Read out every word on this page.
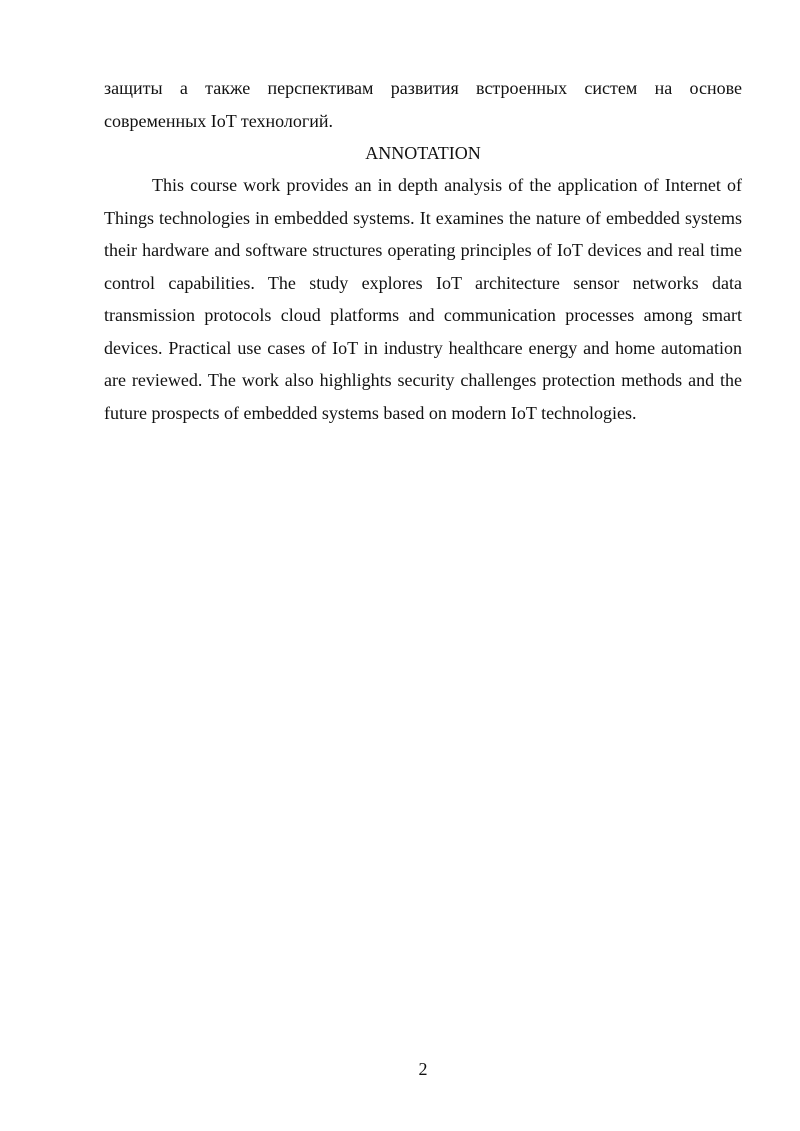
защиты а также перспективам развития встроенных систем на основе
современных IoT технологий.
ANNOTATION

This course work provides an in depth analysis of the application of Internet of Things technologies in embedded systems. It examines the nature of embedded systems their hardware and software structures operating principles of IoT devices and real time control capabilities. The study explores IoT architecture sensor networks data transmission protocols cloud platforms and communication processes among smart devices. Practical use cases of IoT in industry healthcare energy and home automation are reviewed. The work also highlights security challenges protection methods and the future prospects of embedded systems based on modern IoT technologies.

2
